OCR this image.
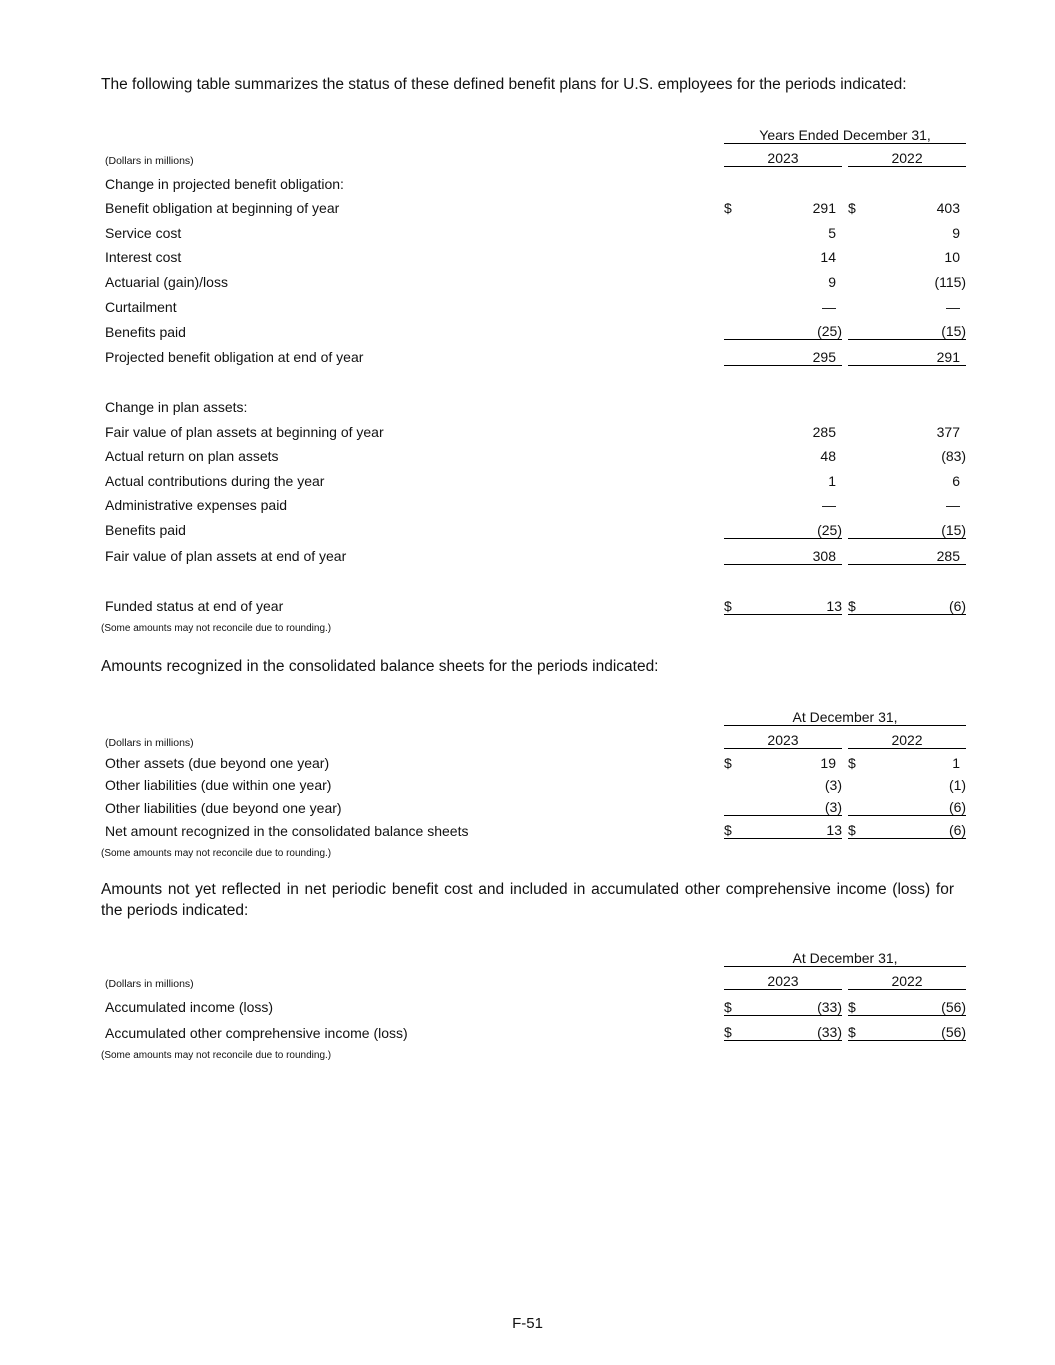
The following table summarizes the status of these defined benefit plans for U.S. employees for the periods indicated:
	Years Ended December 31,						
(Dollars in millions)	2023				2022		
Change in projected benefit obligation:							
Benefit obligation at beginning of year	$	291			$	403	
Service cost		5				9	
Interest cost		14				10	
Actuarial (gain)/loss		9				(115)	
Curtailment		—				—	
Benefits paid		(25)				(15)	
Projected benefit obligation at end of year		295				291	

Change in plan assets:							
Fair value of plan assets at beginning of year		285				377	
Actual return on plan assets		48				(83)	
Actual contributions during the year		1				6	
Administrative expenses paid		—				—	
Benefits paid		(25)				(15)	
Fair value of plan assets at end of year		308				285	

Funded status at end of year	$	13			$	(6)	
(Some amounts may not reconcile due to rounding.)
Amounts recognized in the consolidated balance sheets for the periods indicated:
	At December 31,						
(Dollars in millions)	2023				2022		
Other assets (due beyond one year)	$	19			$	1	
Other liabilities (due within one year)		(3)				(1)	
Other liabilities (due beyond one year)		(3)				(6)	
Net amount recognized in the consolidated balance sheets	$	13			$	(6)	
(Some amounts may not reconcile due to rounding.)
Amounts not yet reflected in net periodic benefit cost and included in accumulated other comprehensive income (loss) for the periods indicated:
	At December 31,				
(Dollars in millions)	2023			2022	
Accumulated income (loss)	$	(33)		$	(56)
Accumulated other comprehensive income (loss)	$	(33)		$	(56)
(Some amounts may not reconcile due to rounding.)
F-51
